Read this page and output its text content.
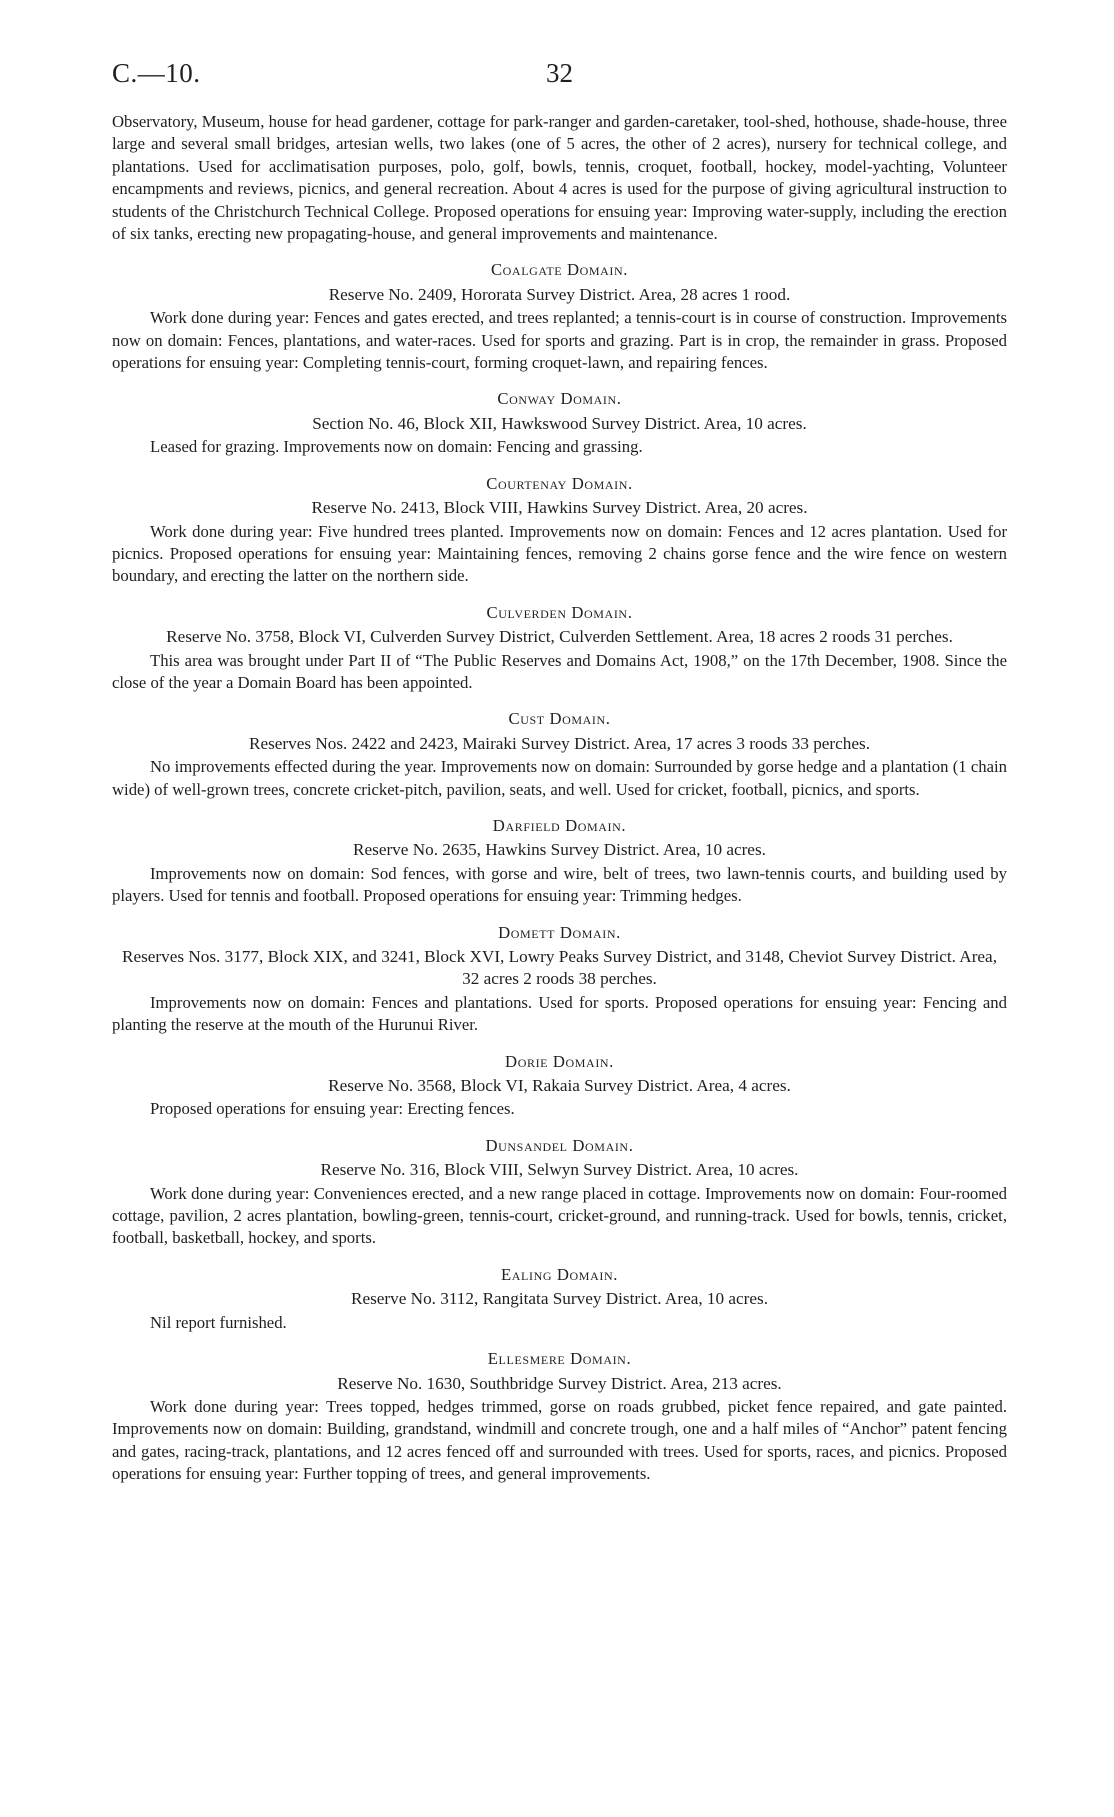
C.—10.	32

Observatory, Museum, house for head gardener, cottage for park-ranger and garden-caretaker, tool-shed, hothouse, shade-house, three large and several small bridges, artesian wells, two lakes (one of 5 acres, the other of 2 acres), nursery for technical college, and plantations. Used for acclimatisation purposes, polo, golf, bowls, tennis, croquet, football, hockey, model-yachting, Volunteer encampments and reviews, picnics, and general recreation. About 4 acres is used for the purpose of giving agricultural instruction to students of the Christchurch Technical College. Proposed operations for ensuing year: Improving water-supply, including the erection of six tanks, erecting new propagating-house, and general improvements and maintenance.

Coalgate Domain.
Reserve No. 2409, Hororata Survey District. Area, 28 acres 1 rood.

Work done during year: Fences and gates erected, and trees replanted; a tennis-court is in course of construction. Improvements now on domain: Fences, plantations, and water-races. Used for sports and grazing. Part is in crop, the remainder in grass. Proposed operations for ensuing year: Completing tennis-court, forming croquet-lawn, and repairing fences.

Conway Domain.
Section No. 46, Block XII, Hawkswood Survey District. Area, 10 acres.

Leased for grazing. Improvements now on domain: Fencing and grassing.

Courtenay Domain.
Reserve No. 2413, Block VIII, Hawkins Survey District. Area, 20 acres.

Work done during year: Five hundred trees planted. Improvements now on domain: Fences and 12 acres plantation. Used for picnics. Proposed operations for ensuing year: Maintaining fences, removing 2 chains gorse fence and the wire fence on western boundary, and erecting the latter on the northern side.

Culverden Domain.
Reserve No. 3758, Block VI, Culverden Survey District, Culverden Settlement. Area, 18 acres 2 roods 31 perches.

This area was brought under Part II of “The Public Reserves and Domains Act, 1908,” on the 17th December, 1908. Since the close of the year a Domain Board has been appointed.

Cust Domain.
Reserves Nos. 2422 and 2423, Mairaki Survey District. Area, 17 acres 3 roods 33 perches.

No improvements effected during the year. Improvements now on domain: Surrounded by gorse hedge and a plantation (1 chain wide) of well-grown trees, concrete cricket-pitch, pavilion, seats, and well. Used for cricket, football, picnics, and sports.

Darfield Domain.
Reserve No. 2635, Hawkins Survey District. Area, 10 acres.

Improvements now on domain: Sod fences, with gorse and wire, belt of trees, two lawn-tennis courts, and building used by players. Used for tennis and football. Proposed operations for ensuing year: Trimming hedges.

Domett Domain.
Reserves Nos. 3177, Block XIX, and 3241, Block XVI, Lowry Peaks Survey District, and 3148, Cheviot Survey District. Area, 32 acres 2 roods 38 perches.

Improvements now on domain: Fences and plantations. Used for sports. Proposed operations for ensuing year: Fencing and planting the reserve at the mouth of the Hurunui River.

Dorie Domain.
Reserve No. 3568, Block VI, Rakaia Survey District. Area, 4 acres.

Proposed operations for ensuing year: Erecting fences.

Dunsandel Domain.
Reserve No. 316, Block VIII, Selwyn Survey District. Area, 10 acres.

Work done during year: Conveniences erected, and a new range placed in cottage. Improvements now on domain: Four-roomed cottage, pavilion, 2 acres plantation, bowling-green, tennis-court, cricket-ground, and running-track. Used for bowls, tennis, cricket, football, basketball, hockey, and sports.

Ealing Domain.
Reserve No. 3112, Rangitata Survey District. Area, 10 acres.

Nil report furnished.

Ellesmere Domain.
Reserve No. 1630, Southbridge Survey District. Area, 213 acres.

Work done during year: Trees topped, hedges trimmed, gorse on roads grubbed, picket fence repaired, and gate painted. Improvements now on domain: Building, grandstand, windmill and concrete trough, one and a half miles of “Anchor” patent fencing and gates, racing-track, plantations, and 12 acres fenced off and surrounded with trees. Used for sports, races, and picnics. Proposed operations for ensuing year: Further topping of trees, and general improvements.
